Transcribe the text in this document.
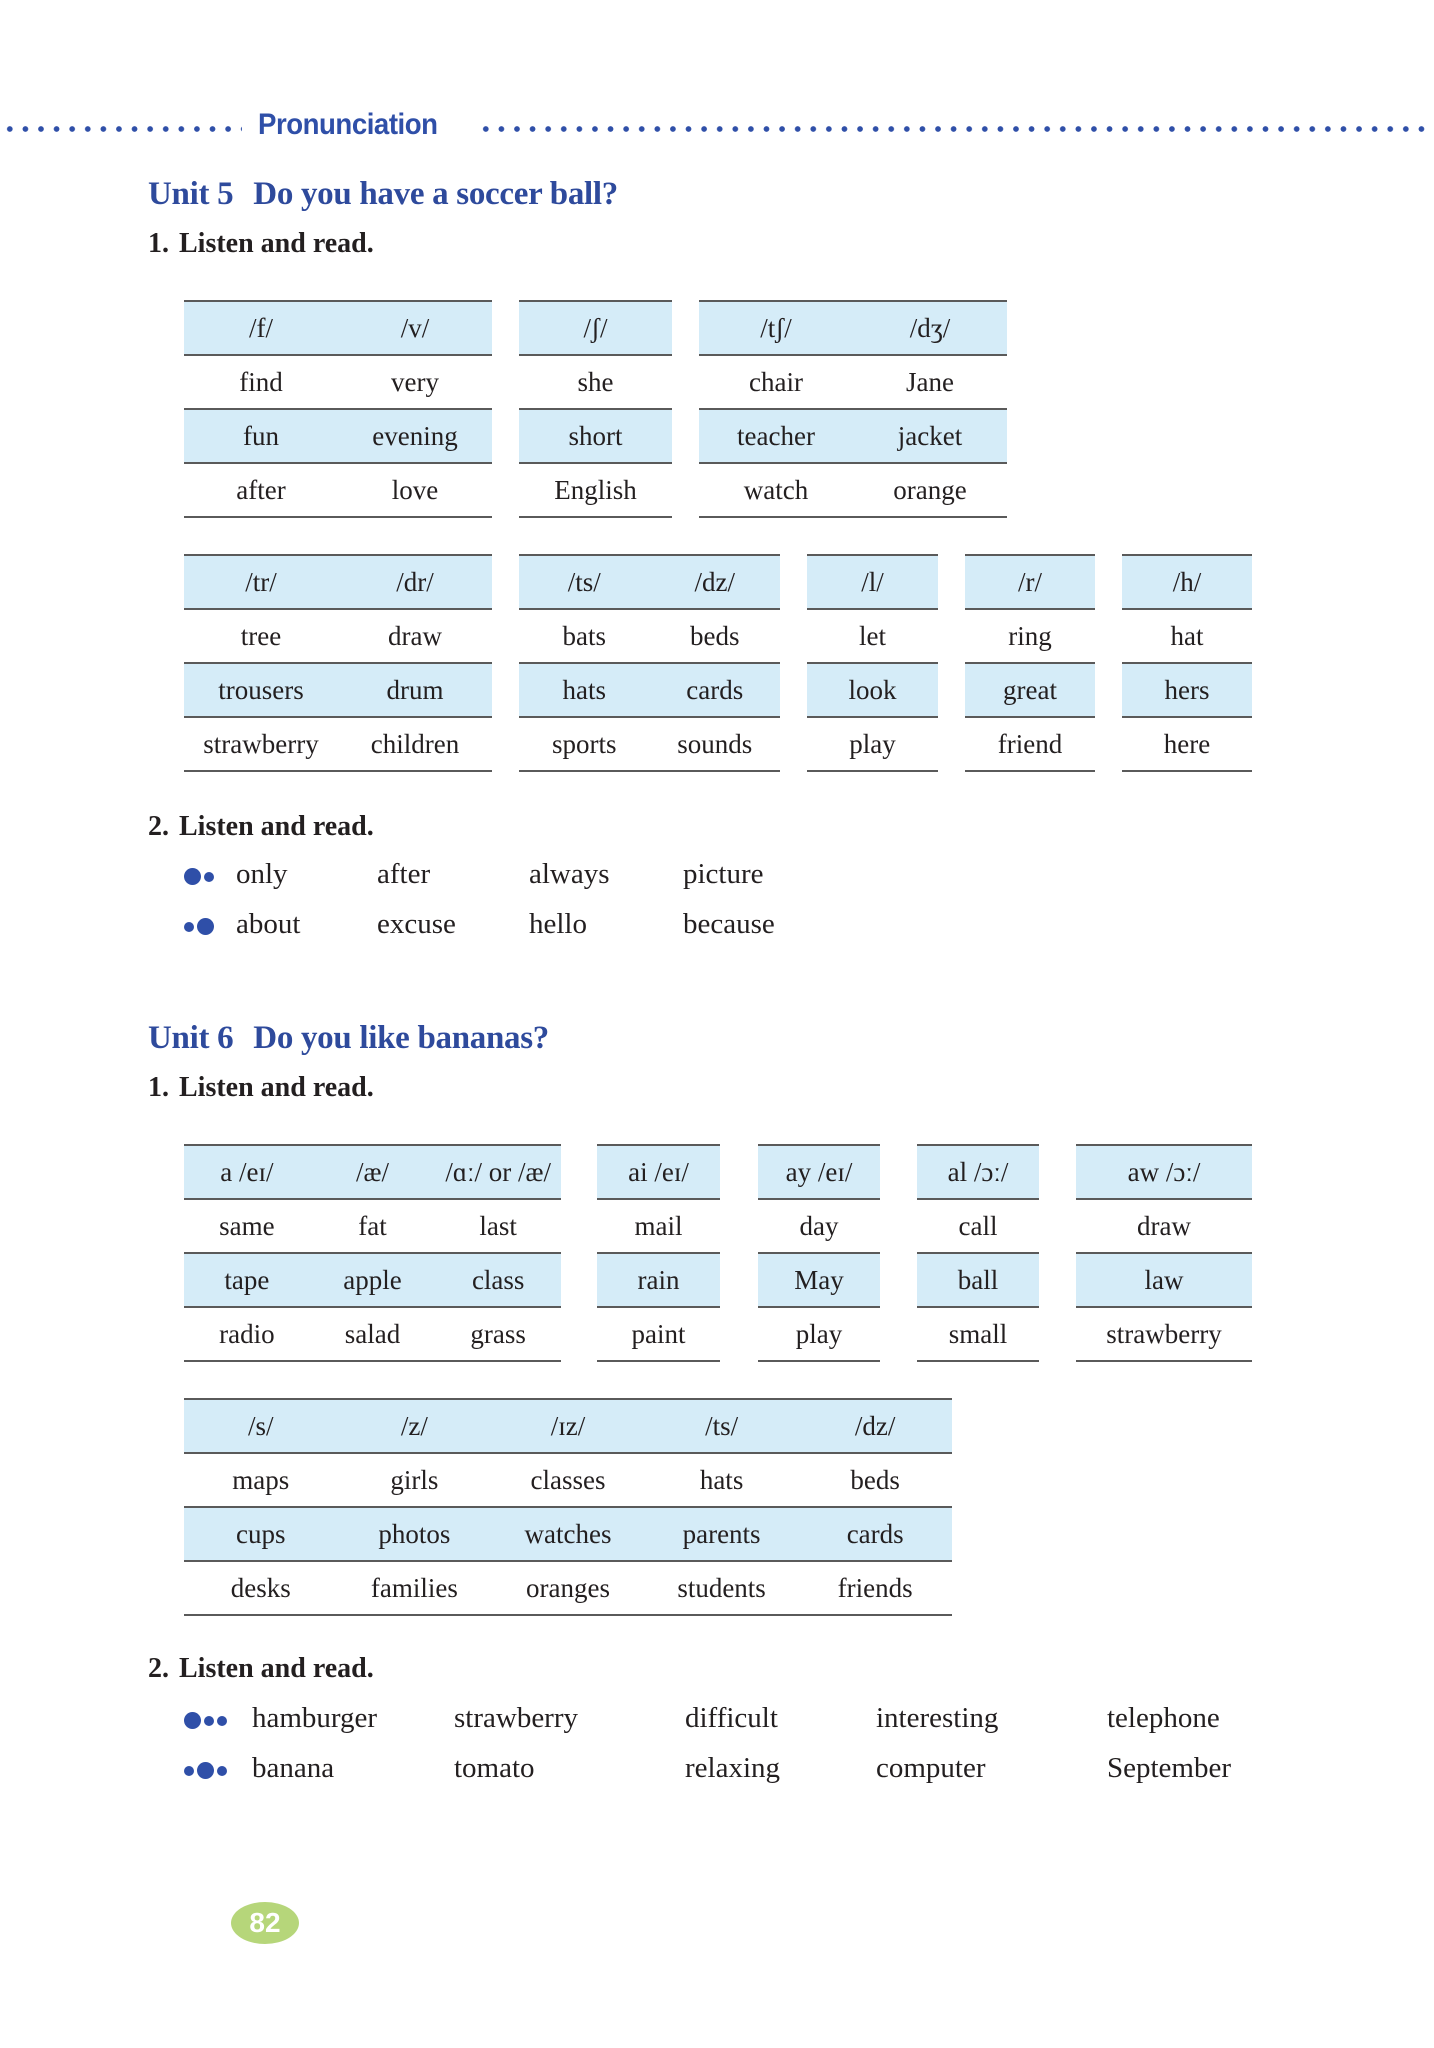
Pronunciation
Unit 5 Do you have a soccer ball?
1. Listen and read.
/f/	/v/
find	very
fun	evening
after	love
/ʃ/
she
short
English
/tʃ/	/dʒ/
chair	Jane
teacher	jacket
watch	orange
/tr/	/dr/
tree	draw
trousers	drum
strawberry	children
/ts/	/dz/
bats	beds
hats	cards
sports	sounds
/l/
let
look
play
/r/
ring
great
friend
/h/
hat
hers
here
2. Listen and read.
only	after	always	picture
about	excuse	hello	because
Unit 6 Do you like bananas?
1. Listen and read.
a /eɪ/	/æ/	/ɑː/ or /æ/
same	fat	last
tape	apple	class
radio	salad	grass
ai /eɪ/
mail
rain
paint
ay /eɪ/
day
May
play
al /ɔː/
call
ball
small
aw /ɔː/
draw
law
strawberry
/s/	/z/	/ɪz/	/ts/	/dz/
maps	girls	classes	hats	beds
cups	photos	watches	parents	cards
desks	families	oranges	students	friends
2. Listen and read.
hamburger	strawberry	difficult	interesting	telephone
banana	tomato	relaxing	computer	September
82
